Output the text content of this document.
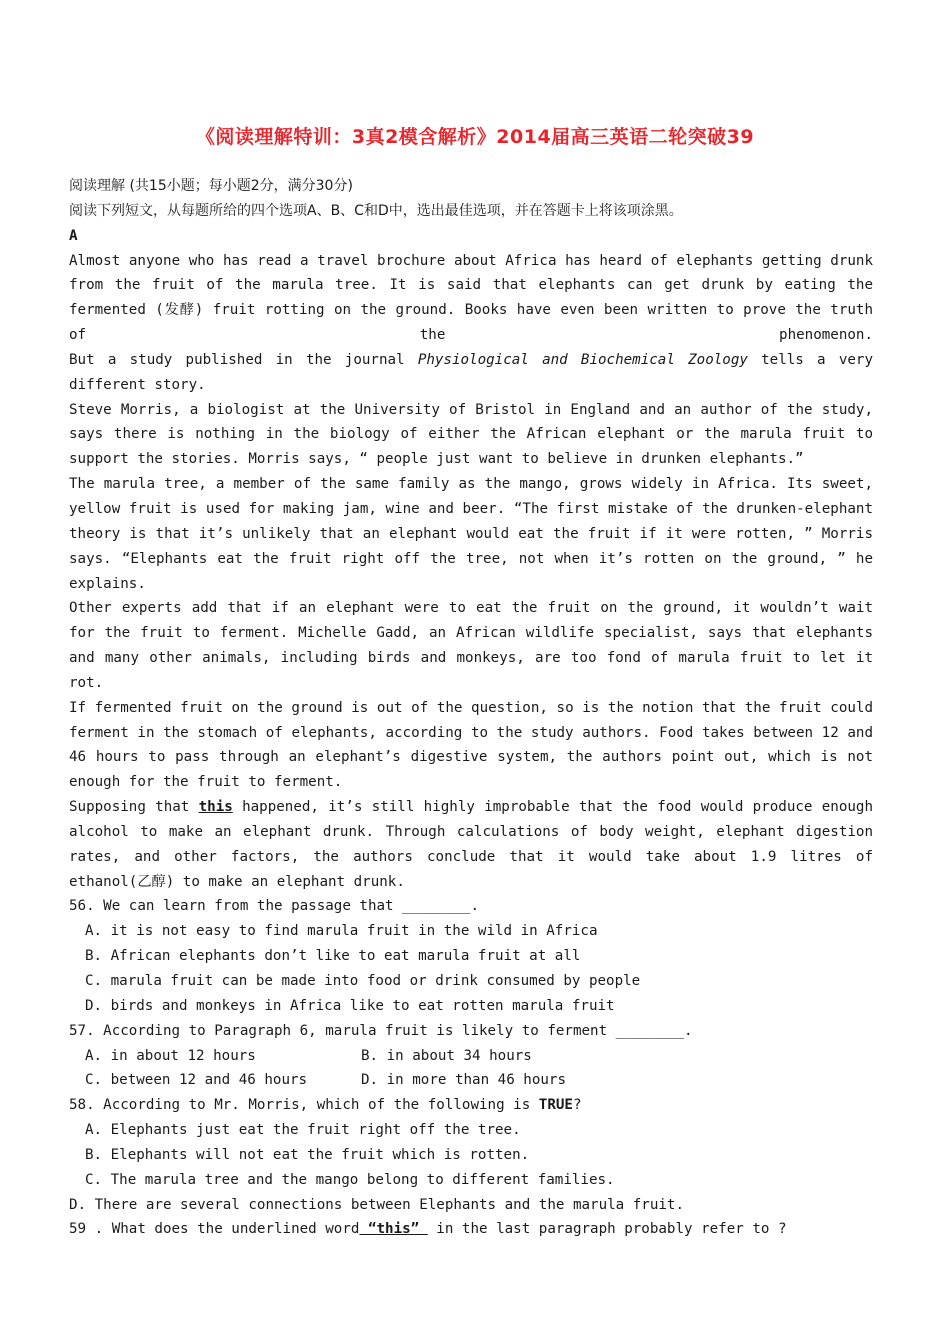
《阅读理解特训：3真2模含解析》2014届高三英语二轮突破39

阅读理解 (共15小题；每小题2分，满分30分)

阅读下列短文，从每题所给的四个选项A、B、C和D中，选出最佳选项，并在答题卡上将该项涂黑。

A

Almost anyone who has read a travel brochure about Africa has heard of elephants getting drunk from the fruit of the marula tree. It is said that elephants can get drunk by eating the fermented (发酵) fruit rotting on the ground. Books have even been written to prove the truth of the phenomenon.

But a study published in the journal Physiological and Biochemical Zoology tells a very different story.

Steve Morris, a biologist at the University of Bristol in England and an author of the study, says there is nothing in the biology of either the African elephant or the marula fruit to support the stories. Morris says, “ people just want to believe in drunken elephants.”

The marula tree, a member of the same family as the mango, grows widely in Africa. Its sweet, yellow fruit is used for making jam, wine and beer. “The first mistake of the drunken-elephant theory is that it’s unlikely that an elephant would eat the fruit if it were rotten, ” Morris says. “Elephants eat the fruit right off the tree, not when it’s rotten on the ground, ” he explains.

Other experts add that if an elephant were to eat the fruit on the ground, it wouldn’t wait for the fruit to ferment. Michelle Gadd, an African wildlife specialist, says that elephants and many other animals, including birds and monkeys, are too fond of marula fruit to let it rot.

If fermented fruit on the ground is out of the question, so is the notion that the fruit could ferment in the stomach of elephants, according to the study authors. Food takes between 12 and 46 hours to pass through an elephant’s digestive system, the authors point out, which is not enough for the fruit to ferment.

Supposing that this happened, it’s still highly improbable that the food would produce enough alcohol to make an elephant drunk. Through calculations of body weight, elephant digestion rates, and other factors, the authors conclude that it would take about 1.9 litres of ethanol(乙醇) to make an elephant drunk.

56. We can learn from the passage that ________.

A. it is not easy to find marula fruit in the wild in Africa

B. African elephants don’t like to eat marula fruit at all

C. marula fruit can be made into food or drink consumed by people

D. birds and monkeys in Africa like to eat rotten marula fruit

57. According to Paragraph 6, marula fruit is likely to ferment ________.

A. in about 12 hours	B. in about 34 hours
C. between 12 and 46 hours	D. in more than 46 hours

58. According to Mr. Morris, which of the following is TRUE?

A. Elephants just eat the fruit right off the tree.

B. Elephants will not eat the fruit which is rotten.

C. The marula tree and the mango belong to different families.

D. There are several connections between Elephants and the marula fruit.

59 . What does the underlined word “this”  in the last paragraph probably refer to ?
